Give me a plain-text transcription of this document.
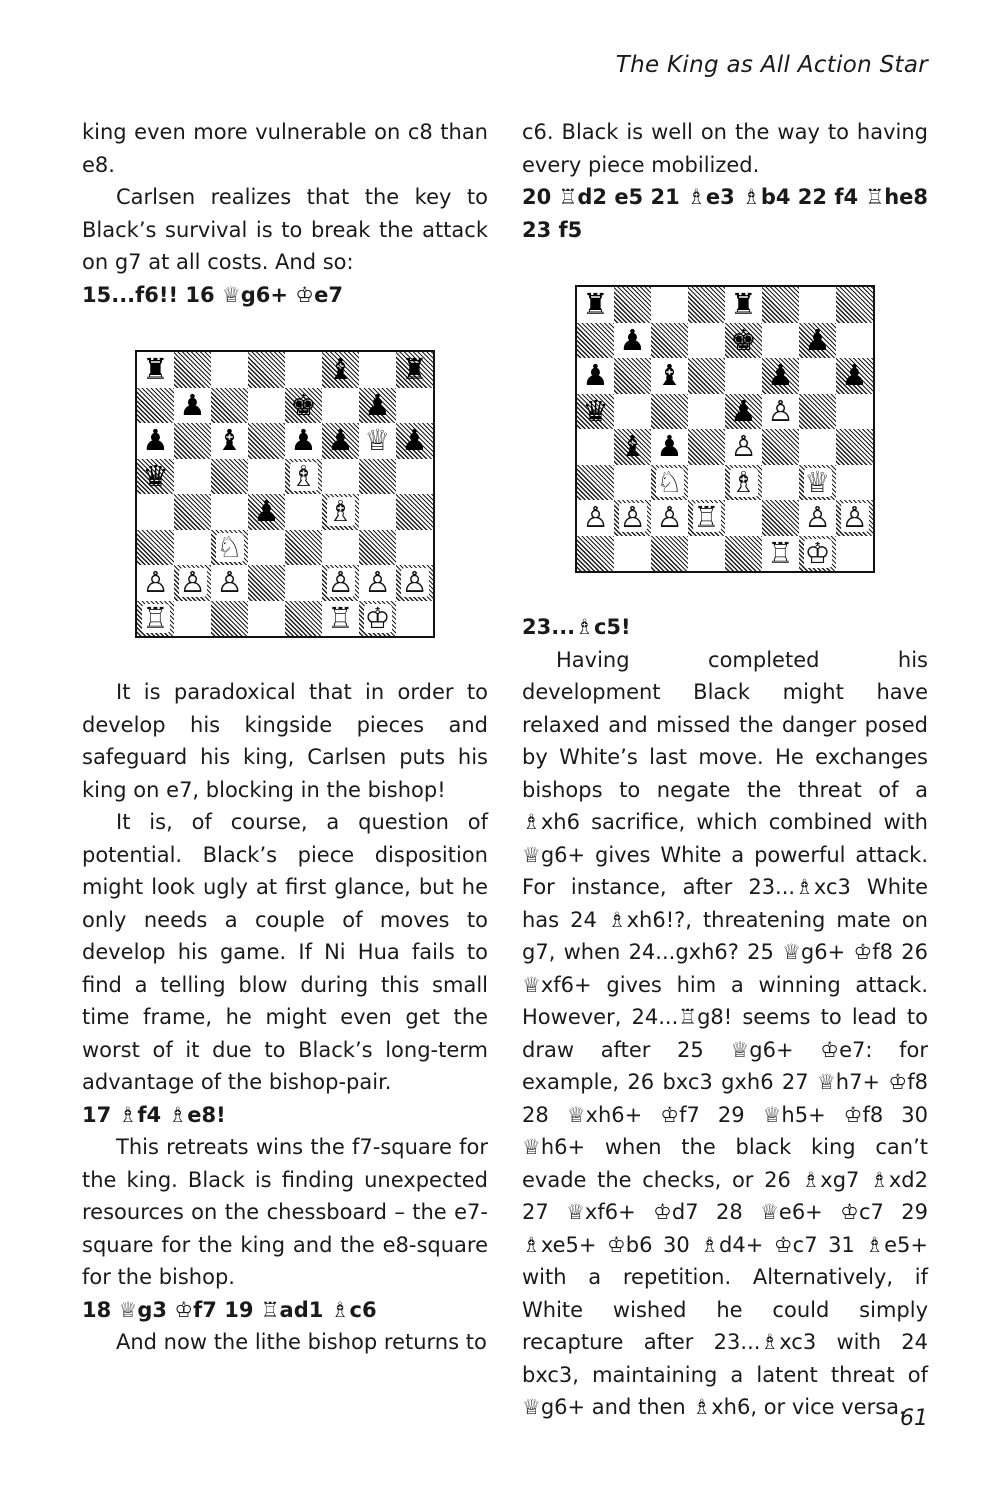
The King as All Action Star

king even more vulnerable on c8 than e8.

Carlsen realizes that the key to Black’s survival is to break the attack on g7 at all costs. And so:

15...f6!! 16 ♕g6+ ♔e7

♜	♝ ♜
♟	♚ ♟
♟ ♝ ♟ ♟ ♕ ♟
♛	♗
♟ ♗
♘
♙ ♙ ♙	♙ ♙ ♙
♖	♖ ♔

It is paradoxical that in order to develop his kingside pieces and safeguard his king, Carlsen puts his king on e7, blocking in the bishop!

It is, of course, a question of potential. Black’s piece disposition might look ugly at first glance, but he only needs a couple of moves to develop his game. If Ni Hua fails to find a telling blow during this small time frame, he might even get the worst of it due to Black’s long-term advantage of the bishop-pair.

17 ♗f4 ♗e8!

This retreats wins the f7-square for the king. Black is finding unexpected resources on the chessboard – the e7-square for the king and the e8-square for the bishop.

18 ♕g3 ♔f7 19 ♖ad1 ♗c6

And now the lithe bishop returns to

c6. Black is well on the way to having every piece mobilized.

20 ♖d2 e5 21 ♗e3 ♗b4 22 f4 ♖he8 23 f5

♜	♜
♟	♚ ♟
♟ ♝	♟ ♟
♛	♟ ♙
♝ ♟ ♙
♘ ♗ ♕
♙ ♙ ♙ ♖	♙ ♙
♖ ♔

23...♗c5!

Having completed his development Black might have relaxed and missed the danger posed by White’s last move. He exchanges bishops to negate the threat of a ♗xh6 sacrifice, which combined with ♕g6+ gives White a powerful attack. For instance, after 23...♗xc3 White has 24 ♗xh6!?, threatening mate on g7, when 24...gxh6? 25 ♕g6+ ♔f8 26 ♕xf6+ gives him a winning attack. However, 24...♖g8! seems to lead to draw after 25 ♕g6+ ♔e7: for example, 26 bxc3 gxh6 27 ♕h7+ ♔f8 28 ♕xh6+ ♔f7 29 ♕h5+ ♔f8 30 ♕h6+ when the black king can’t evade the checks, or 26 ♗xg7 ♗xd2 27 ♕xf6+ ♔d7 28 ♕e6+ ♔c7 29 ♗xe5+ ♔b6 30 ♗d4+ ♔c7 31 ♗e5+ with a repetition. Alternatively, if White wished he could simply recapture after 23...♗xc3 with 24 bxc3, maintaining a latent threat of ♕g6+ and then ♗xh6, or vice versa.

61
